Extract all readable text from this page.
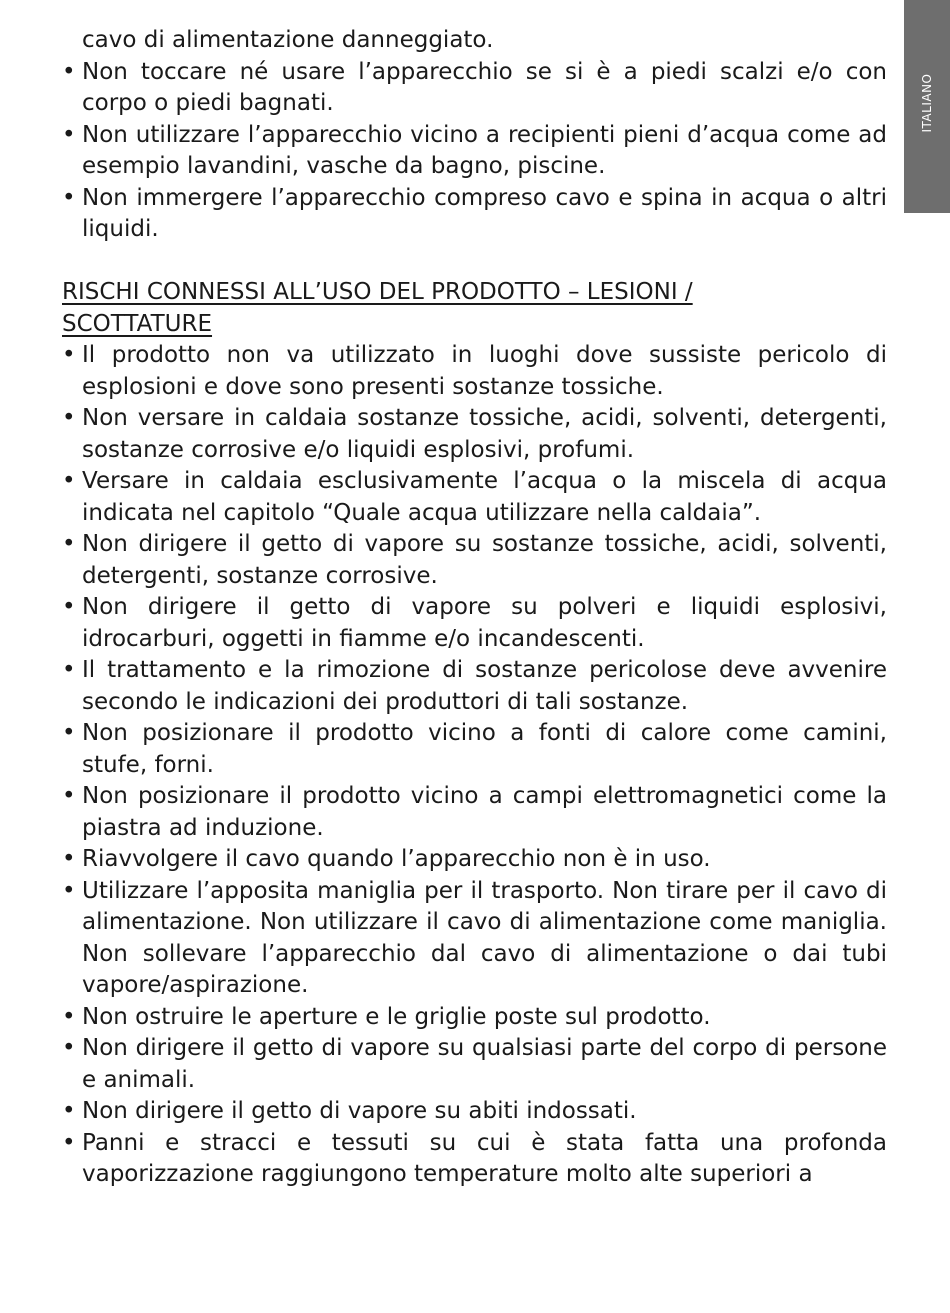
ITALIANO
cavo di alimentazione danneggiato.
• Non toccare né usare l’apparecchio se si è a piedi scalzi e/o con corpo o piedi bagnati.
• Non utilizzare l’apparecchio vicino a recipienti pieni d’acqua come ad esempio lavandini, vasche da bagno, piscine.
• Non immergere l’apparecchio compreso cavo e spina in acqua o altri liquidi.
RISCHI CONNESSI ALL’USO DEL PRODOTTO – LESIONI / SCOTTATURE
• Il prodotto non va utilizzato in luoghi dove sussiste pericolo di esplosioni e dove sono presenti sostanze tossiche.
• Non versare in caldaia sostanze tossiche, acidi, solventi, detergenti, sostanze corrosive e/o liquidi esplosivi, profumi.
• Versare in caldaia esclusivamente l’acqua o la miscela di acqua indicata nel capitolo “Quale acqua utilizzare nella caldaia”.
• Non dirigere il getto di vapore su sostanze tossiche, acidi, solventi, detergenti, sostanze corrosive.
• Non dirigere il getto di vapore su polveri e liquidi esplosivi, idrocarburi, oggetti in fiamme e/o incandescenti.
• Il trattamento e la rimozione di sostanze pericolose deve avvenire secondo le indicazioni dei produttori di tali sostanze.
• Non posizionare il prodotto vicino a fonti di calore come camini, stufe, forni.
• Non posizionare il prodotto vicino a campi elettromagnetici come la piastra ad induzione.
• Riavvolgere il cavo quando l’apparecchio non è in uso.
• Utilizzare l’apposita maniglia per il trasporto. Non tirare per il cavo di alimentazione. Non utilizzare il cavo di alimentazione come maniglia. Non sollevare l’apparecchio dal cavo di alimentazione o dai tubi vapore/aspirazione.
• Non ostruire le aperture e le griglie poste sul prodotto.
• Non dirigere il getto di vapore su qualsiasi parte del corpo di persone e animali.
• Non dirigere il getto di vapore su abiti indossati.
• Panni e stracci e tessuti su cui è stata fatta una profonda vaporizzazione raggiungono temperature molto alte superiori a
